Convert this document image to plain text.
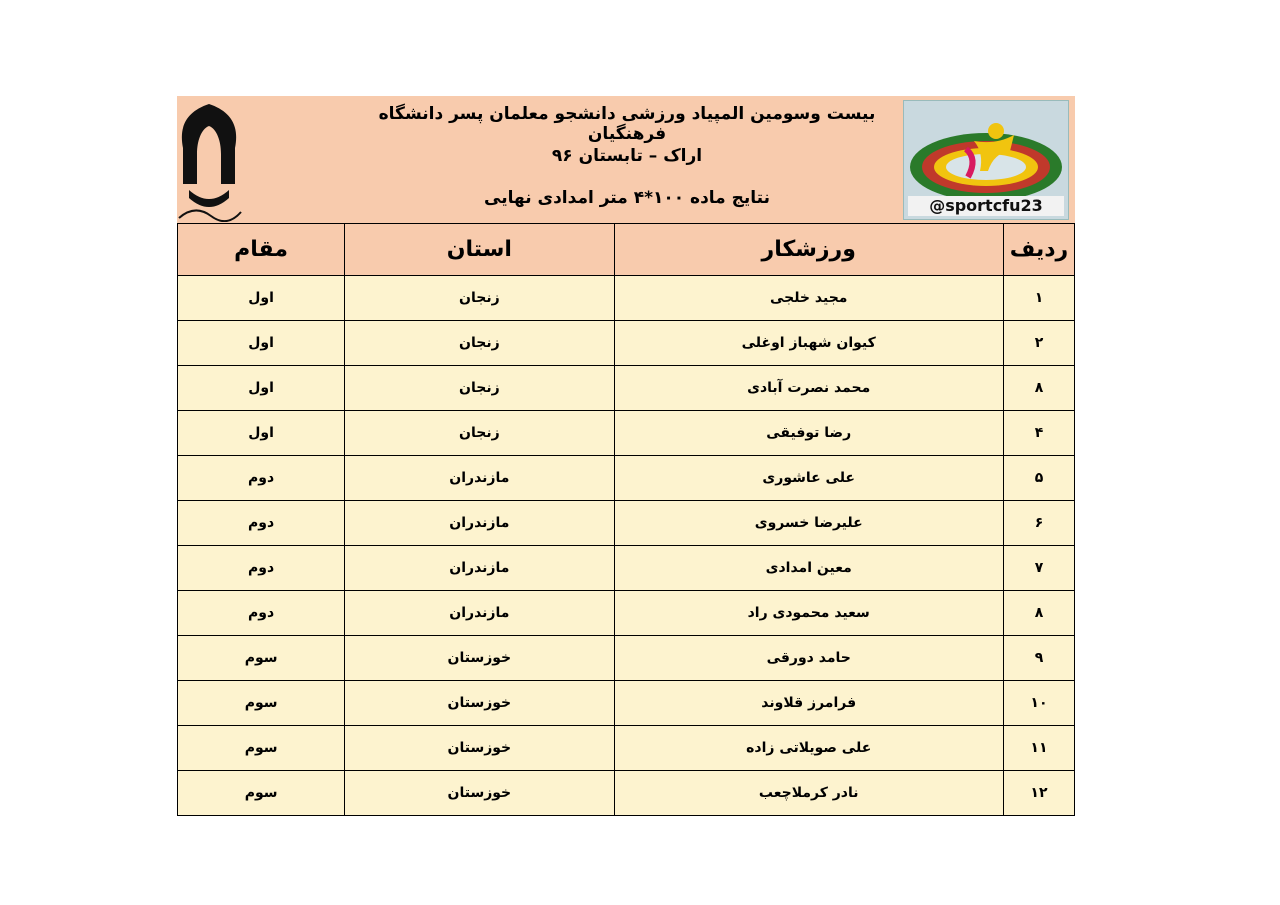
بیست وسومین المپیاد ورزشی دانشجو معلمان پسر دانشگاه فرهنگیان
اراک – تابستان ۹۶
نتایج ماده ۱۰۰*۴ متر امدادی نهایی	@sportcfu23
ردیف	ورزشکار	استان	مقام
۱	مجید خلجی	زنجان	اول
۲	کیوان شهباز اوغلی	زنجان	اول
۸	محمد نصرت آبادی	زنجان	اول
۴	رضا توفیقی	زنجان	اول
۵	علی عاشوری	مازندران	دوم
۶	علیرضا خسروی	مازندران	دوم
۷	معین امدادی	مازندران	دوم
۸	سعید محمودی راد	مازندران	دوم
۹	حامد دورقی	خوزستان	سوم
۱۰	فرامرز قلاوند	خوزستان	سوم
۱۱	علی صویلاتی زاده	خوزستان	سوم
۱۲	نادر کرملاچعب	خوزستان	سوم
